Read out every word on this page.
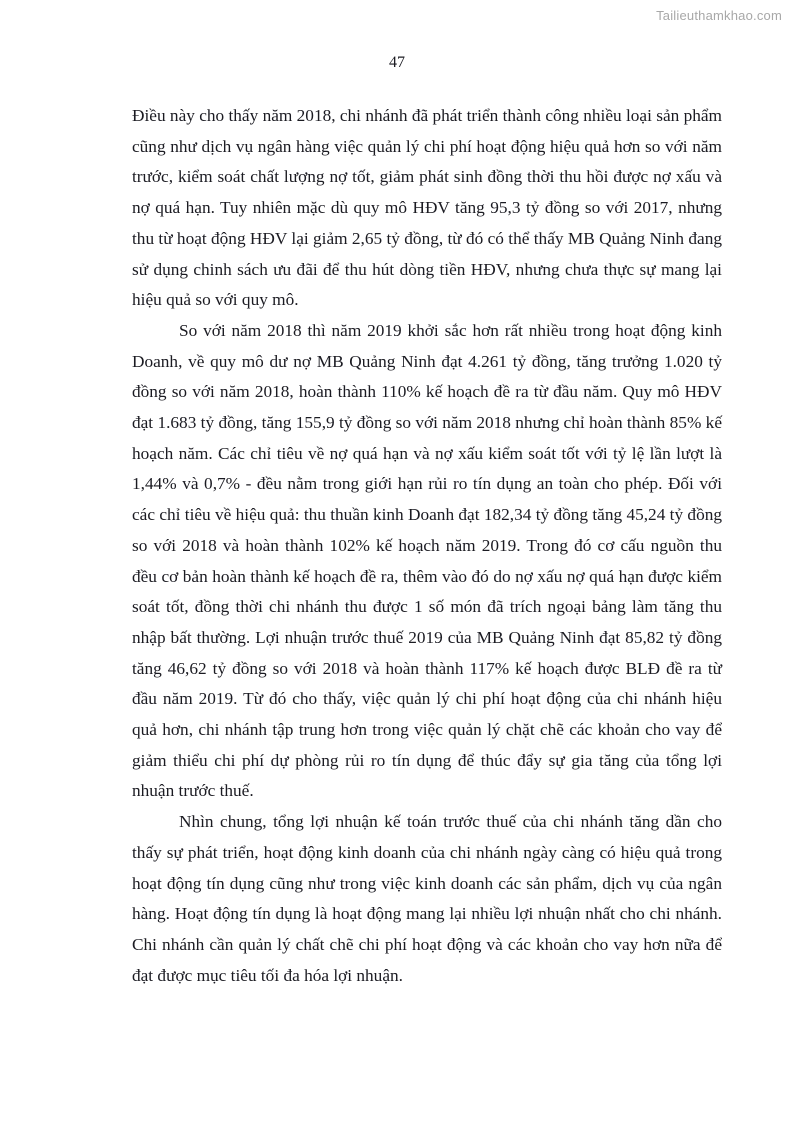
Tailieuthamkhao.com
47

Điều này cho thấy năm 2018, chi nhánh đã phát triển thành công nhiều loại sản phẩm cũng như dịch vụ ngân hàng việc quản lý chi phí hoạt động hiệu quả hơn so với năm trước, kiểm soát chất lượng nợ tốt, giảm phát sinh đồng thời thu hồi được nợ xấu và nợ quá hạn. Tuy nhiên mặc dù quy mô HĐV tăng 95,3 tỷ đồng so với 2017, nhưng thu từ hoạt động HĐV lại giảm 2,65 tỷ đồng, từ đó có thể thấy MB Quảng Ninh đang sử dụng chinh sách ưu đãi để thu hút dòng tiền HĐV, nhưng chưa thực sự mang lại hiệu quả so với quy mô.

So với năm 2018 thì năm 2019 khởi sắc hơn rất nhiều trong hoạt động kinh Doanh, về quy mô dư nợ MB Quảng Ninh đạt 4.261 tỷ đồng, tăng trưởng 1.020 tỷ đồng so với năm 2018, hoàn thành 110% kế hoạch đề ra từ đầu năm. Quy mô HĐV đạt 1.683 tỷ đồng, tăng 155,9 tỷ đồng so với năm 2018 nhưng chỉ hoàn thành 85% kế hoạch năm. Các chỉ tiêu về nợ quá hạn và nợ xấu kiểm soát tốt với tỷ lệ lần lượt là 1,44% và 0,7% - đều nằm trong giới hạn rủi ro tín dụng an toàn cho phép. Đối với các chỉ tiêu về hiệu quả: thu thuần kinh Doanh đạt 182,34 tỷ đồng tăng 45,24 tỷ đồng so với 2018 và hoàn thành 102% kế hoạch năm 2019. Trong đó cơ cấu nguồn thu đều cơ bản hoàn thành kế hoạch đề ra, thêm vào đó do nợ xấu nợ quá hạn được kiểm soát tốt, đồng thời chi nhánh thu được 1 số món đã trích ngoại bảng làm tăng thu nhập bất thường. Lợi nhuận trước thuế 2019 của MB Quảng Ninh đạt 85,82 tỷ đồng tăng 46,62 tỷ đồng so với 2018 và hoàn thành 117% kế hoạch được BLĐ đề ra từ đầu năm 2019. Từ đó cho thấy, việc quản lý chi phí hoạt động của chi nhánh hiệu quả hơn, chi nhánh tập trung hơn trong việc quản lý chặt chẽ các khoản cho vay để giảm thiểu chi phí dự phòng rủi ro tín dụng để thúc đẩy sự gia tăng của tổng lợi nhuận trước thuế.

Nhìn chung, tổng lợi nhuận kế toán trước thuế của chi nhánh tăng dần cho thấy sự phát triển, hoạt động kinh doanh của chi nhánh ngày càng có hiệu quả trong hoạt động tín dụng cũng như trong việc kinh doanh các sản phẩm, dịch vụ của ngân hàng. Hoạt động tín dụng là hoạt động mang lại nhiều lợi nhuận nhất cho chi nhánh. Chi nhánh cần quản lý chất chẽ chi phí hoạt động và các khoản cho vay hơn nữa để đạt được mục tiêu tối đa hóa lợi nhuận.
